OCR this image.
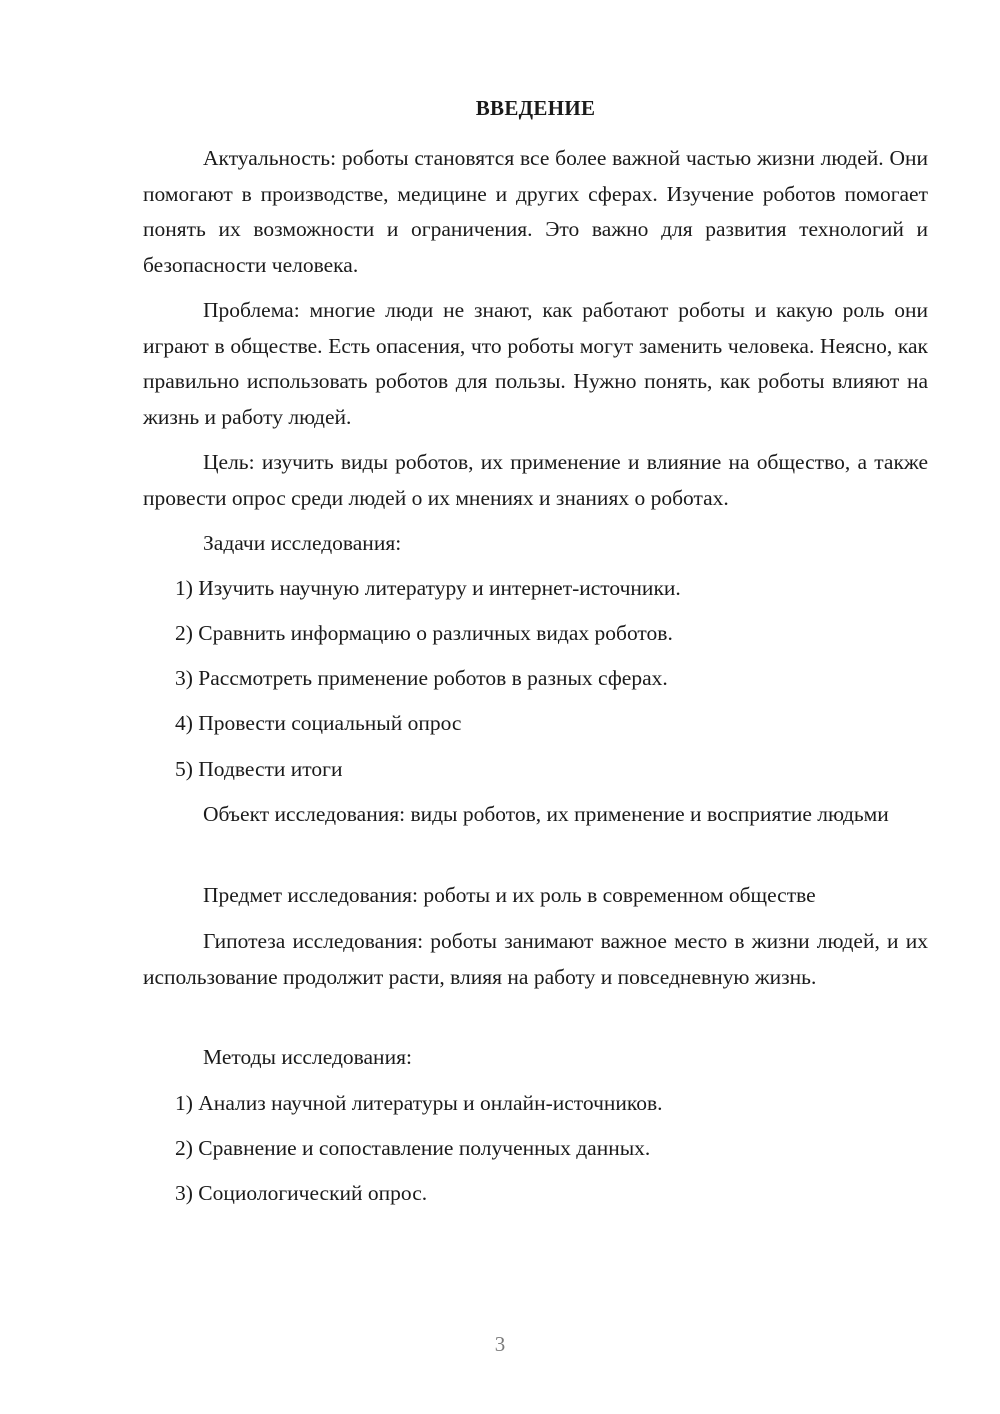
ВВЕДЕНИЕ

Актуальность: роботы становятся все более важной частью жизни людей. Они помогают в производстве, медицине и других сферах. Изучение роботов помогает понять их возможности и ограничения. Это важно для развития технологий и безопасности человека.

Проблема: многие люди не знают, как работают роботы и какую роль они играют в обществе. Есть опасения, что роботы могут заменить человека. Неясно, как правильно использовать роботов для пользы. Нужно понять, как роботы влияют на жизнь и работу людей.

Цель: изучить виды роботов, их применение и влияние на общество, а также провести опрос среди людей о их мнениях и знаниях о роботах.

Задачи исследования:

1) Изучить научную литературу и интернет-источники.

2) Сравнить информацию о различных видах роботов.

3) Рассмотреть применение роботов в разных сферах.

4) Провести социальный опрос

5) Подвести итоги

Объект исследования: виды роботов, их применение и восприятие людьми

Предмет исследования: роботы и их роль в современном обществе

Гипотеза исследования: роботы занимают важное место в жизни людей, и их использование продолжит расти, влияя на работу и повседневную жизнь.

Методы исследования:

1) Анализ научной литературы и онлайн-источников.

2) Сравнение и сопоставление полученных данных.

3) Социологический опрос.

3
